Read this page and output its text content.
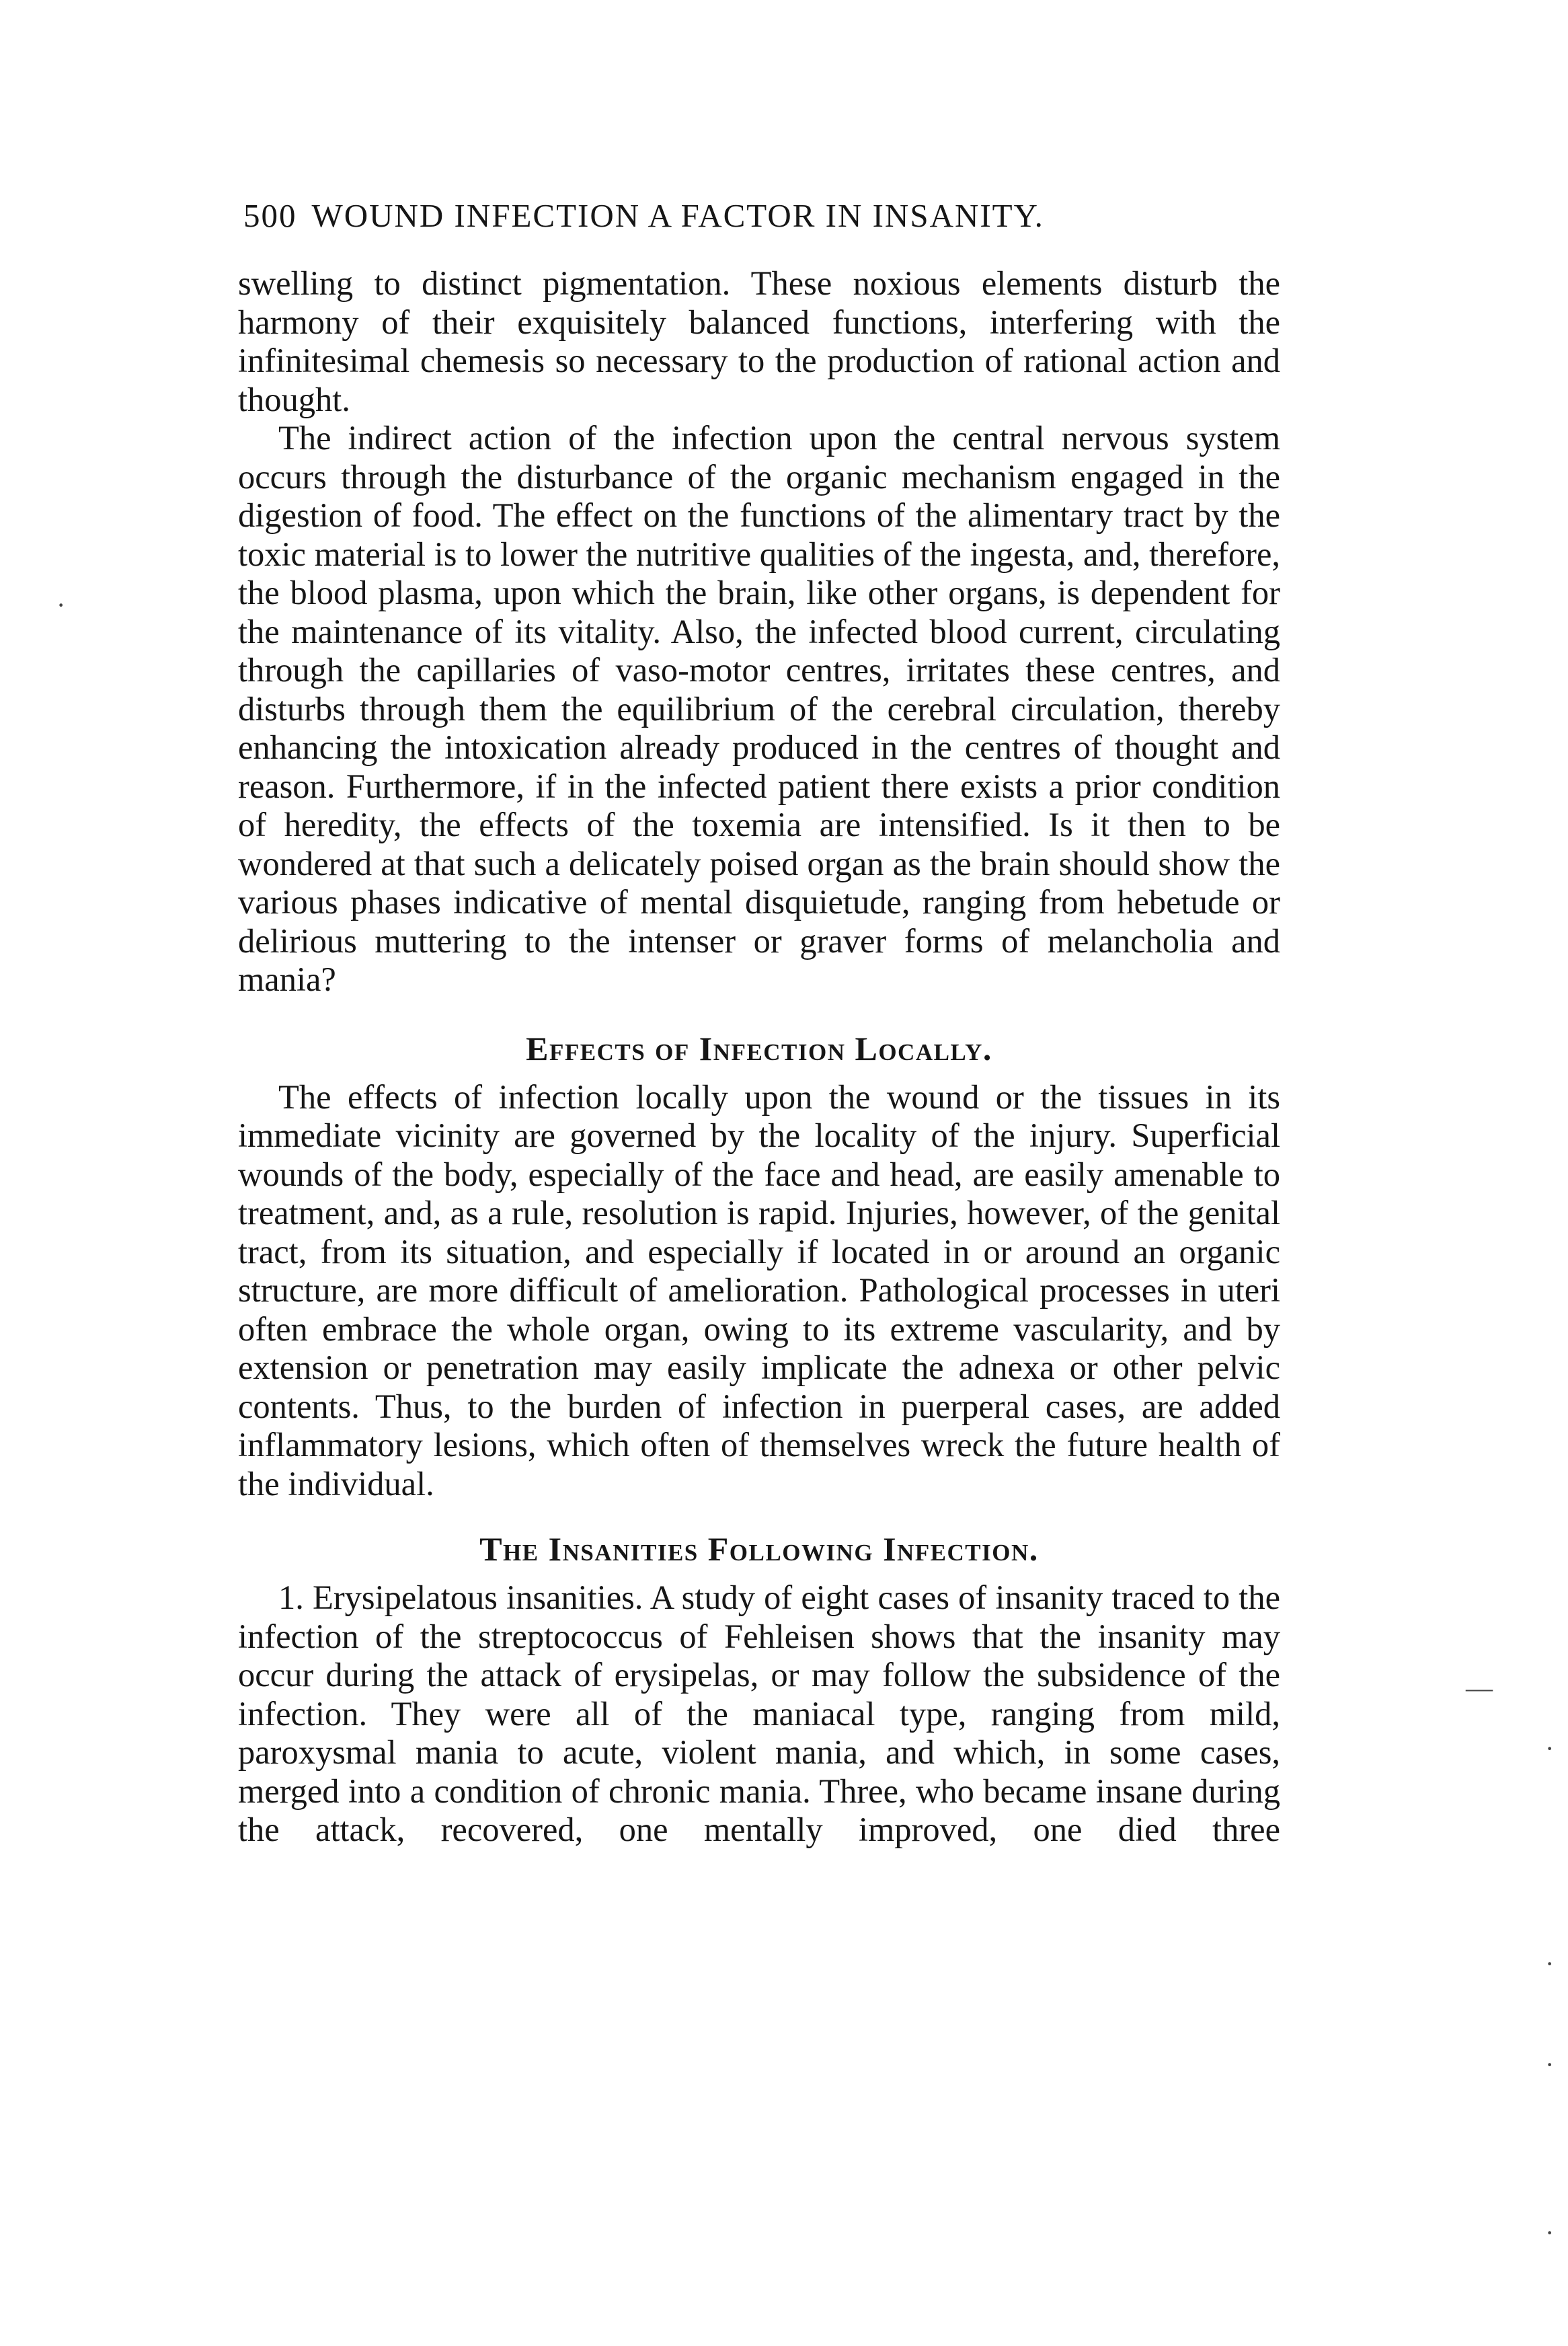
500 WOUND INFECTION A FACTOR IN INSANITY.

swelling to distinct pigmentation. These noxious elements disturb the harmony of their exquisitely balanced functions, interfering with the infinitesimal chemesis so necessary to the production of rational action and thought.

The indirect action of the infection upon the central nervous system occurs through the disturbance of the organic mechanism engaged in the digestion of food. The effect on the functions of the alimentary tract by the toxic material is to lower the nutritive qualities of the ingesta, and, therefore, the blood plasma, upon which the brain, like other organs, is dependent for the maintenance of its vitality. Also, the infected blood current, circulating through the capillaries of vaso-motor centres, irritates these centres, and disturbs through them the equilibrium of the cerebral circulation, thereby enhancing the intoxication already produced in the centres of thought and reason. Furthermore, if in the infected patient there exists a prior condition of heredity, the effects of the toxemia are intensified. Is it then to be wondered at that such a delicately poised organ as the brain should show the various phases indicative of mental disquietude, ranging from hebetude or delirious muttering to the intenser or graver forms of melancholia and mania?

Effects of Infection Locally.

The effects of infection locally upon the wound or the tissues in its immediate vicinity are governed by the locality of the injury. Superficial wounds of the body, especially of the face and head, are easily amenable to treatment, and, as a rule, resolution is rapid. Injuries, however, of the genital tract, from its situation, and especially if located in or around an organic structure, are more difficult of amelioration. Pathological processes in uteri often embrace the whole organ, owing to its extreme vascularity, and by extension or penetration may easily implicate the adnexa or other pelvic contents. Thus, to the burden of infection in puerperal cases, are added inflammatory lesions, which often of themselves wreck the future health of the individual.

The Insanities Following Infection.

1. Erysipelatous insanities. A study of eight cases of insanity traced to the infection of the streptococcus of Fehleisen shows that the insanity may occur during the attack of erysipelas, or may follow the subsidence of the infection. They were all of the maniacal type, ranging from mild, paroxysmal mania to acute, violent mania, and which, in some cases, merged into a condition of chronic mania. Three, who became insane during the attack, recovered, one mentally improved, one died three

·
—
·
·
·
·
